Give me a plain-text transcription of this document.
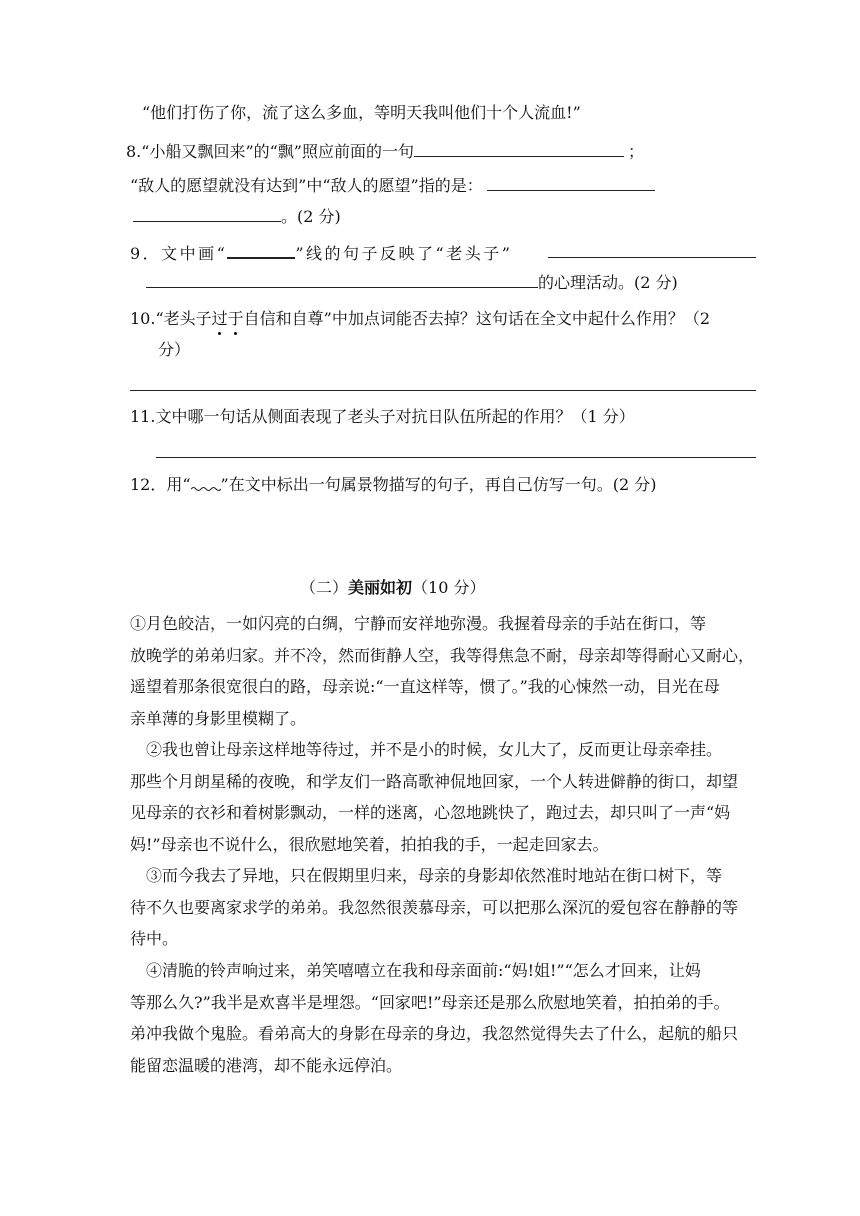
“他们打伤了你，流了这么多血，等明天我叫他们十个人流血!”
8.“小船又飘回来”的“飘”照应前面的一句	；
“敌人的愿望就没有达到”中“敌人的愿望”指的是：
。(2 分)
9．文中画“	”线的句子反映了“老头子”
的心理活动。(2 分)
10.“老头子过于自信和自尊”中加点词能否去掉？这句话在全文中起什么作用？（2
分）
11.文中哪一句话从侧面表现了老头子对抗日队伍所起的作用？（1 分）
12．用“ ”在文中标出一句属景物描写的句子，再自己仿写一句。(2 分)
（二）美丽如初（10 分）
①月色皎洁，一如闪亮的白绸，宁静而安祥地弥漫。我握着母亲的手站在街口，等
放晚学的弟弟归家。并不冷，然而街静人空，我等得焦急不耐，母亲却等得耐心又耐心，
遥望着那条很宽很白的路，母亲说:“一直这样等，惯了。”我的心悚然一动，目光在母
亲单薄的身影里模糊了。
　②我也曾让母亲这样地等待过，并不是小的时候，女儿大了，反而更让母亲牵挂。
那些个月朗星稀的夜晚，和学友们一路高歌神侃地回家，一个人转进僻静的街口，却望
见母亲的衣衫和着树影飘动，一样的迷离，心忽地跳快了，跑过去，却只叫了一声“妈
妈!”母亲也不说什么，很欣慰地笑着，拍拍我的手，一起走回家去。
　③而今我去了异地，只在假期里归来，母亲的身影却依然准时地站在街口树下，等
待不久也要离家求学的弟弟。我忽然很羡慕母亲，可以把那么深沉的爱包容在静静的等
待中。
　④清脆的铃声响过来，弟笑嘻嘻立在我和母亲面前:“妈!姐!”“怎么才回来，让妈
等那么久?”我半是欢喜半是埋怨。“回家吧!”母亲还是那么欣慰地笑着，拍拍弟的手。
弟冲我做个鬼脸。看弟高大的身影在母亲的身边，我忽然觉得失去了什么，起航的船只
能留恋温暖的港湾，却不能永远停泊。
